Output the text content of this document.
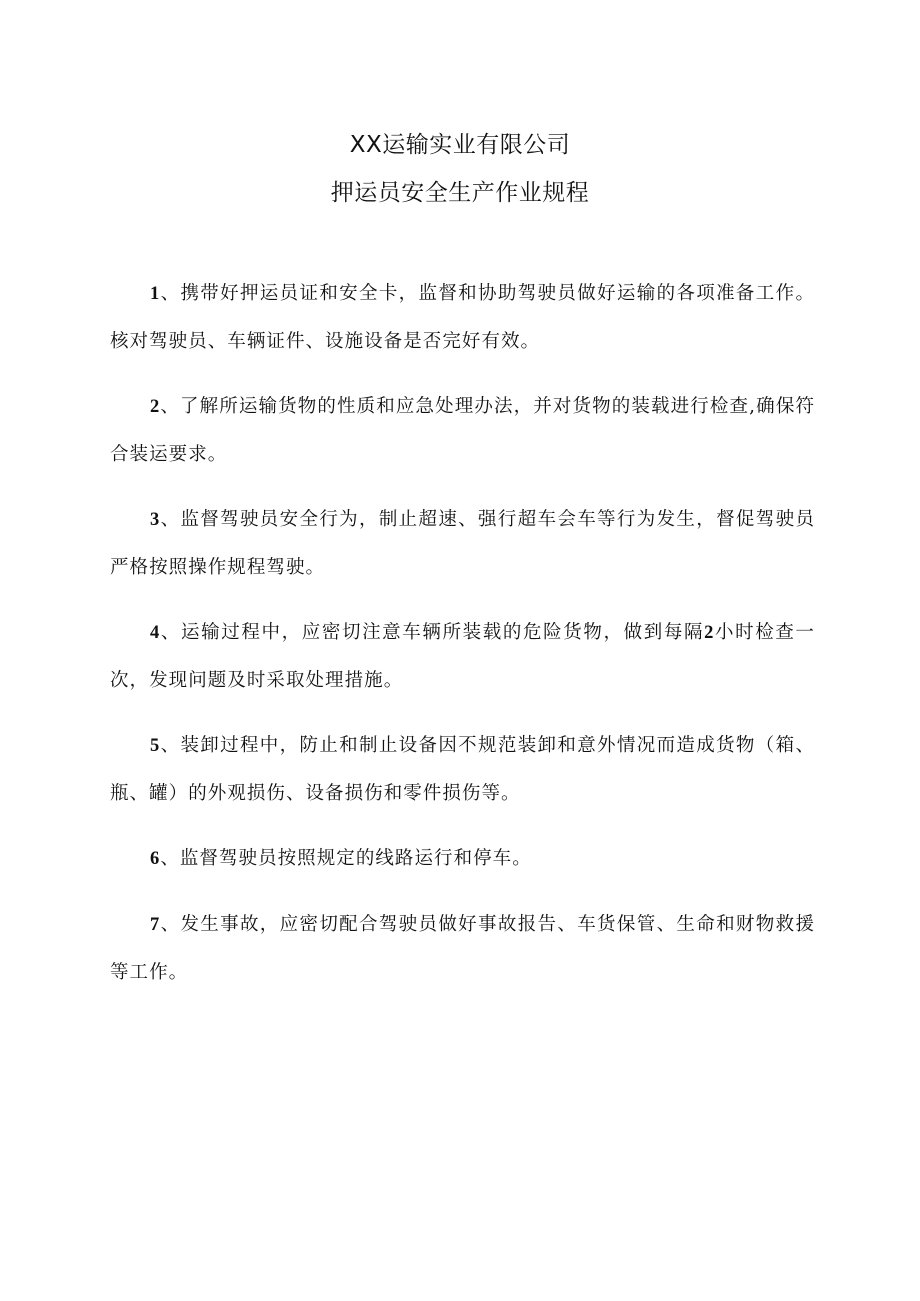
XX运输实业有限公司
押运员安全生产作业规程

1、携带好押运员证和安全卡，监督和协助驾驶员做好运输的各项准备工作。核对驾驶员、车辆证件、设施设备是否完好有效。

2、了解所运输货物的性质和应急处理办法，并对货物的装载进行检查,确保符合装运要求。

3、监督驾驶员安全行为，制止超速、强行超车会车等行为发生，督促驾驶员严格按照操作规程驾驶。

4、运输过程中，应密切注意车辆所装载的危险货物，做到每隔2小时检查一次，发现问题及时采取处理措施。

5、装卸过程中，防止和制止设备因不规范装卸和意外情况而造成货物（箱、瓶、罐）的外观损伤、设备损伤和零件损伤等。

6、监督驾驶员按照规定的线路运行和停车。

7、发生事故，应密切配合驾驶员做好事故报告、车货保管、生命和财物救援等工作。
